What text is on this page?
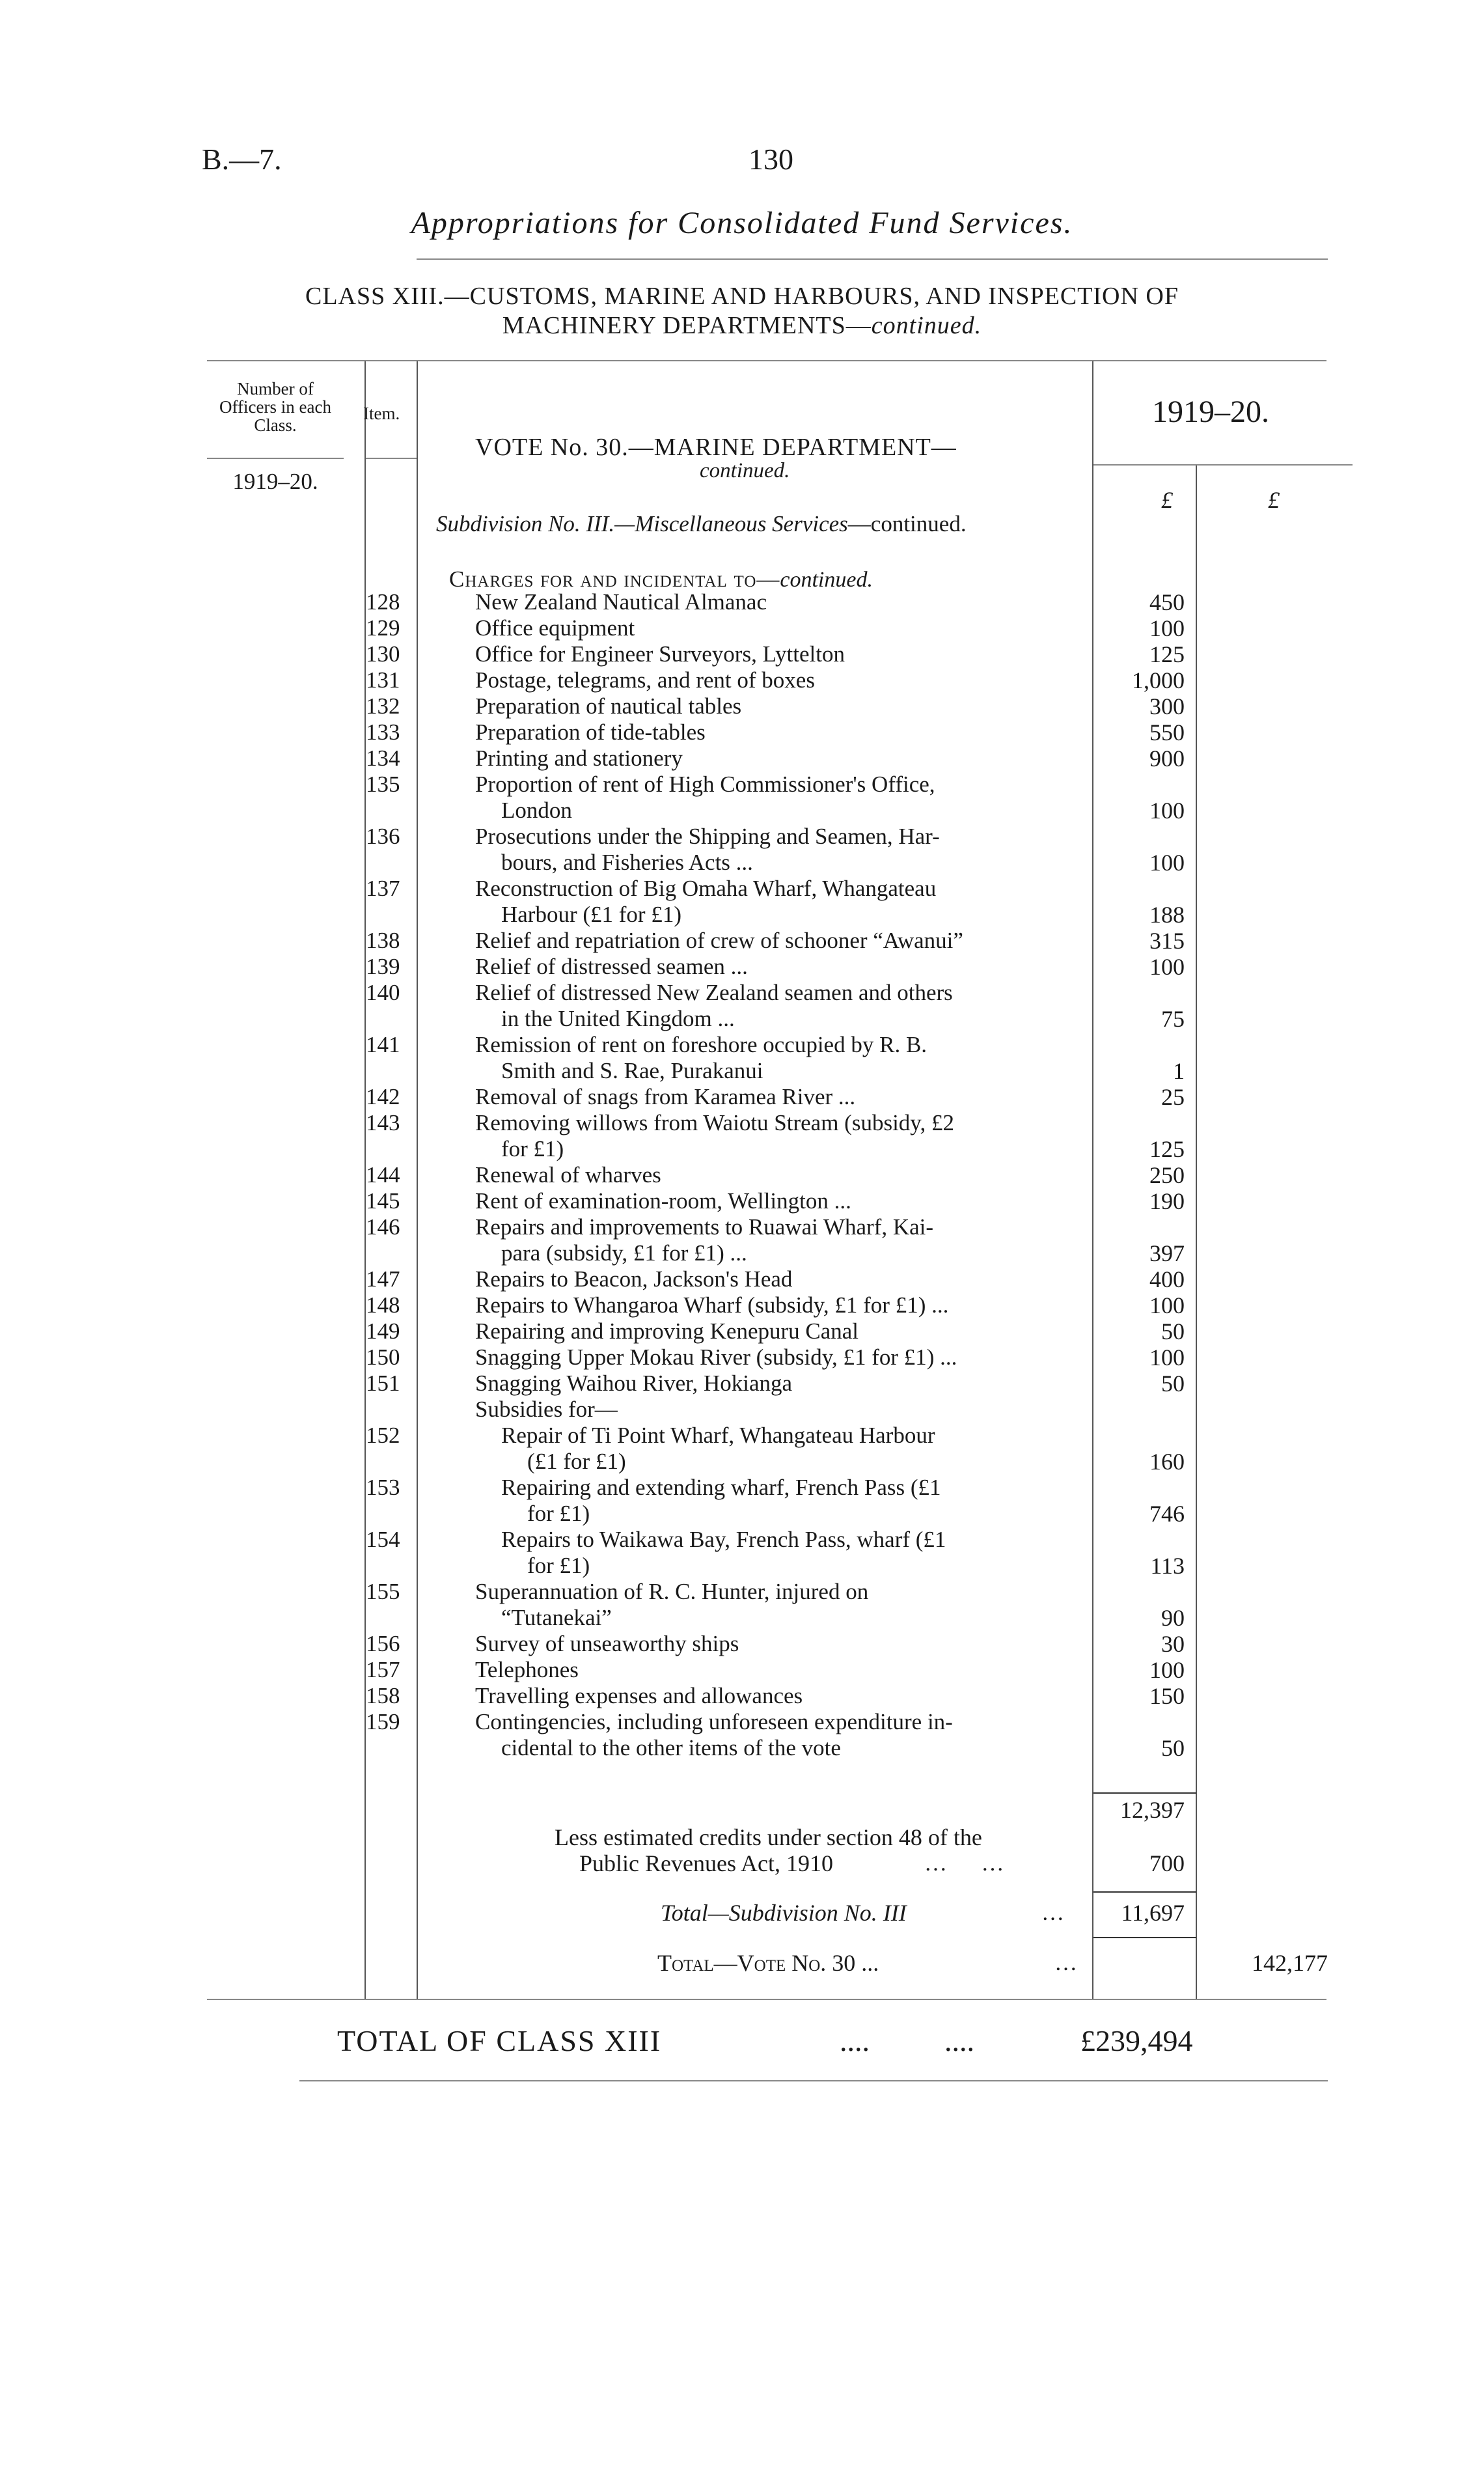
B.—7.	130
Appropriations for Consolidated Fund Services.
CLASS XIII.—CUSTOMS, MARINE AND HARBOURS, AND INSPECTION OF
MACHINERY DEPARTMENTS—continued.
Number of Officers in each Class.
Item.
1919–20.
1919–20.
£	£
VOTE No. 30.—MARINE DEPARTMENT—
continued.
Subdivision No. III.—Miscellaneous Services—continued.
Charges for and incidental to—continued.
128	New Zealand Nautical Almanac	450
129	Office equipment	100
130	Office for Engineer Surveyors, Lyttelton	125
131	Postage, telegrams, and rent of boxes	1,000
132	Preparation of nautical tables	300
133	Preparation of tide-tables	550
134	Printing and stationery	900
135	Proportion of rent of High Commissioner's Office,
London	100
136	Prosecutions under the Shipping and Seamen, Har-
bours, and Fisheries Acts ...	100
137	Reconstruction of Big Omaha Wharf, Whangateau
Harbour (£1 for £1)	188
138	Relief and repatriation of crew of schooner “Awanui”	315
139	Relief of distressed seamen ...	100
140	Relief of distressed New Zealand seamen and others
in the United Kingdom ...	75
141	Remission of rent on foreshore occupied by R. B.
Smith and S. Rae, Purakanui	1
142	Removal of snags from Karamea River ...	25
143	Removing willows from Waiotu Stream (subsidy, £2
for £1)	125
144	Renewal of wharves	250
145	Rent of examination-room, Wellington ...	190
146	Repairs and improvements to Ruawai Wharf, Kai-
para (subsidy, £1 for £1) ...	397
147	Repairs to Beacon, Jackson's Head	400
148	Repairs to Whangaroa Wharf (subsidy, £1 for £1) ...	100
149	Repairing and improving Kenepuru Canal	50
150	Snagging Upper Mokau River (subsidy, £1 for £1) ...	100
151	Snagging Waihou River, Hokianga	50
Subsidies for—
152	Repair of Ti Point Wharf, Whangateau Harbour
(£1 for £1)	160
153	Repairing and extending wharf, French Pass (£1
for £1)	746
154	Repairs to Waikawa Bay, French Pass, wharf (£1
for £1)	113
155	Superannuation of R. C. Hunter, injured on
“Tutanekai”	90
156	Survey of unseaworthy ships	30
157	Telephones	100
158	Travelling expenses and allowances	150
159	Contingencies, including unforeseen expenditure in-
cidental to the other items of the vote	50
12,397
Less estimated credits under section 48 of the
Public Revenues Act, 1910	…      …	700
Total—Subdivision No. III	…	11,697
Total—Vote No. 30 ...	…	142,177
TOTAL OF CLASS XIII	....          ....	£239,494
